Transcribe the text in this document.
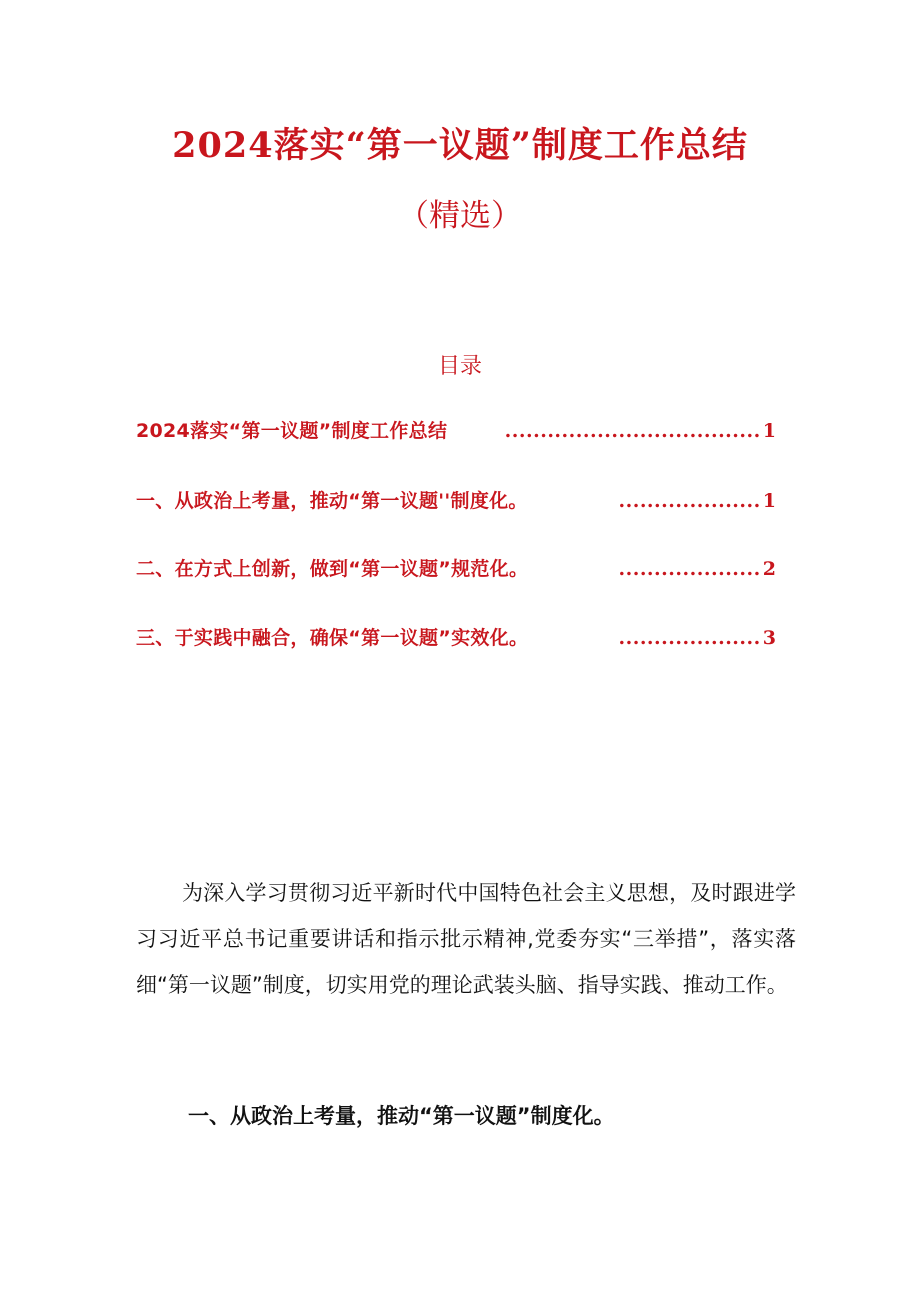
2024落实“第一议题”制度工作总结
（精选）
目录
2024落实“第一议题”制度工作总结	.................................... 1
一、从政治上考量，推动“第一议题''制度化。	.................... 1
二、在方式上创新，做到“第一议题”规范化。	.................... 2
三、于实践中融合，确保“第一议题”实效化。	.................... 3

为深入学习贯彻习近平新时代中国特色社会主义思想，及时跟进学习习近平总书记重要讲话和指示批示精神,党委夯实“三举措”，落实落细“第一议题”制度，切实用党的理论武装头脑、指导实践、推动工作。

一、从政治上考量，推动“第一议题”制度化。
